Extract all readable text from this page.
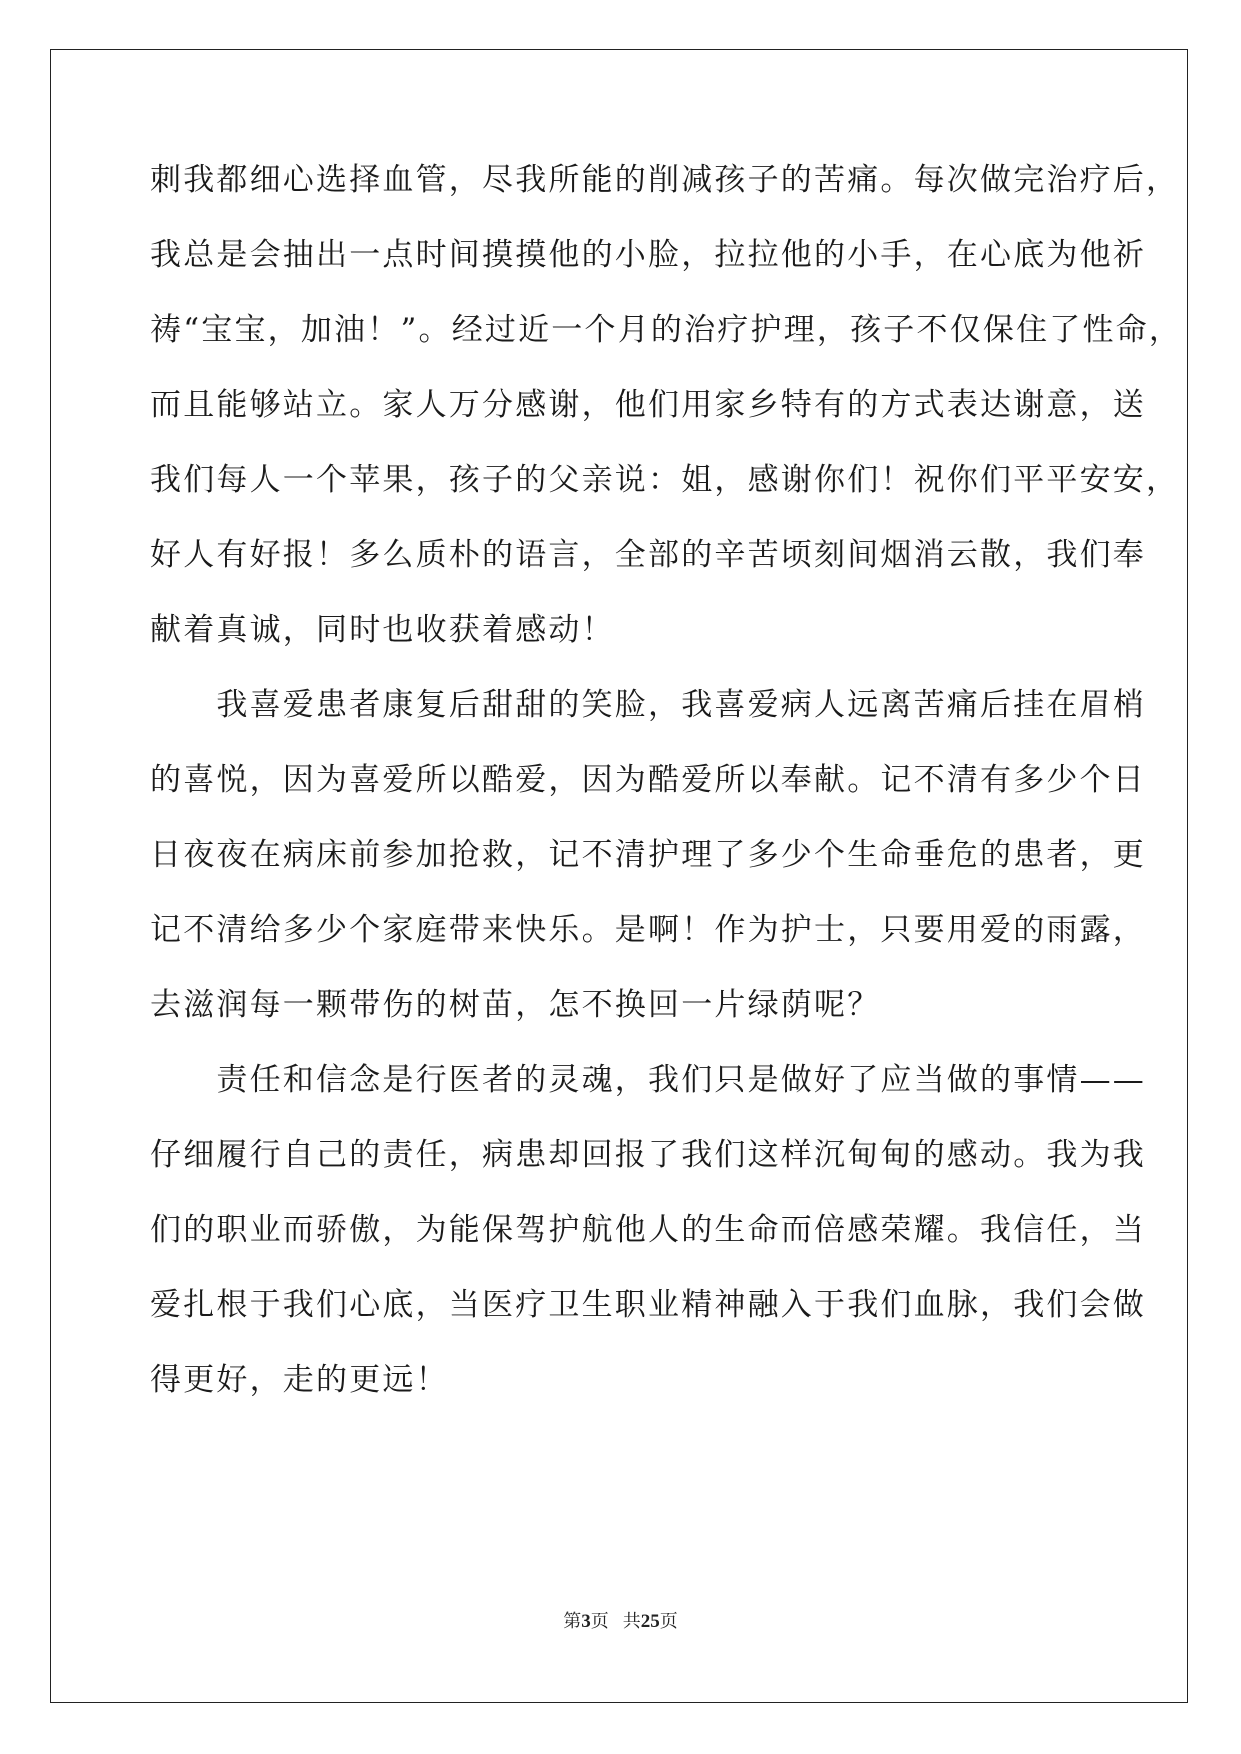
刺我都细心选择血管，尽我所能的削减孩子的苦痛。每次做完治疗后，
我总是会抽出一点时间摸摸他的小脸，拉拉他的小手，在心底为他祈
祷“宝宝，加油！”。经过近一个月的治疗护理，孩子不仅保住了性命，
而且能够站立。家人万分感谢，他们用家乡特有的方式表达谢意，送
我们每人一个苹果，孩子的父亲说：姐，感谢你们！祝你们平平安安，
好人有好报！多么质朴的语言，全部的辛苦顷刻间烟消云散，我们奉
献着真诚，同时也收获着感动！
　　我喜爱患者康复后甜甜的笑脸，我喜爱病人远离苦痛后挂在眉梢
的喜悦，因为喜爱所以酷爱，因为酷爱所以奉献。记不清有多少个日
日夜夜在病床前参加抢救，记不清护理了多少个生命垂危的患者，更
记不清给多少个家庭带来快乐。是啊！作为护士，只要用爱的雨露，
去滋润每一颗带伤的树苗，怎不换回一片绿荫呢？
　　责任和信念是行医者的灵魂，我们只是做好了应当做的事情——
仔细履行自己的责任，病患却回报了我们这样沉甸甸的感动。我为我
们的职业而骄傲，为能保驾护航他人的生命而倍感荣耀。我信任，当
爱扎根于我们心底，当医疗卫生职业精神融入于我们血脉，我们会做
得更好，走的更远！
第3页 共25页
